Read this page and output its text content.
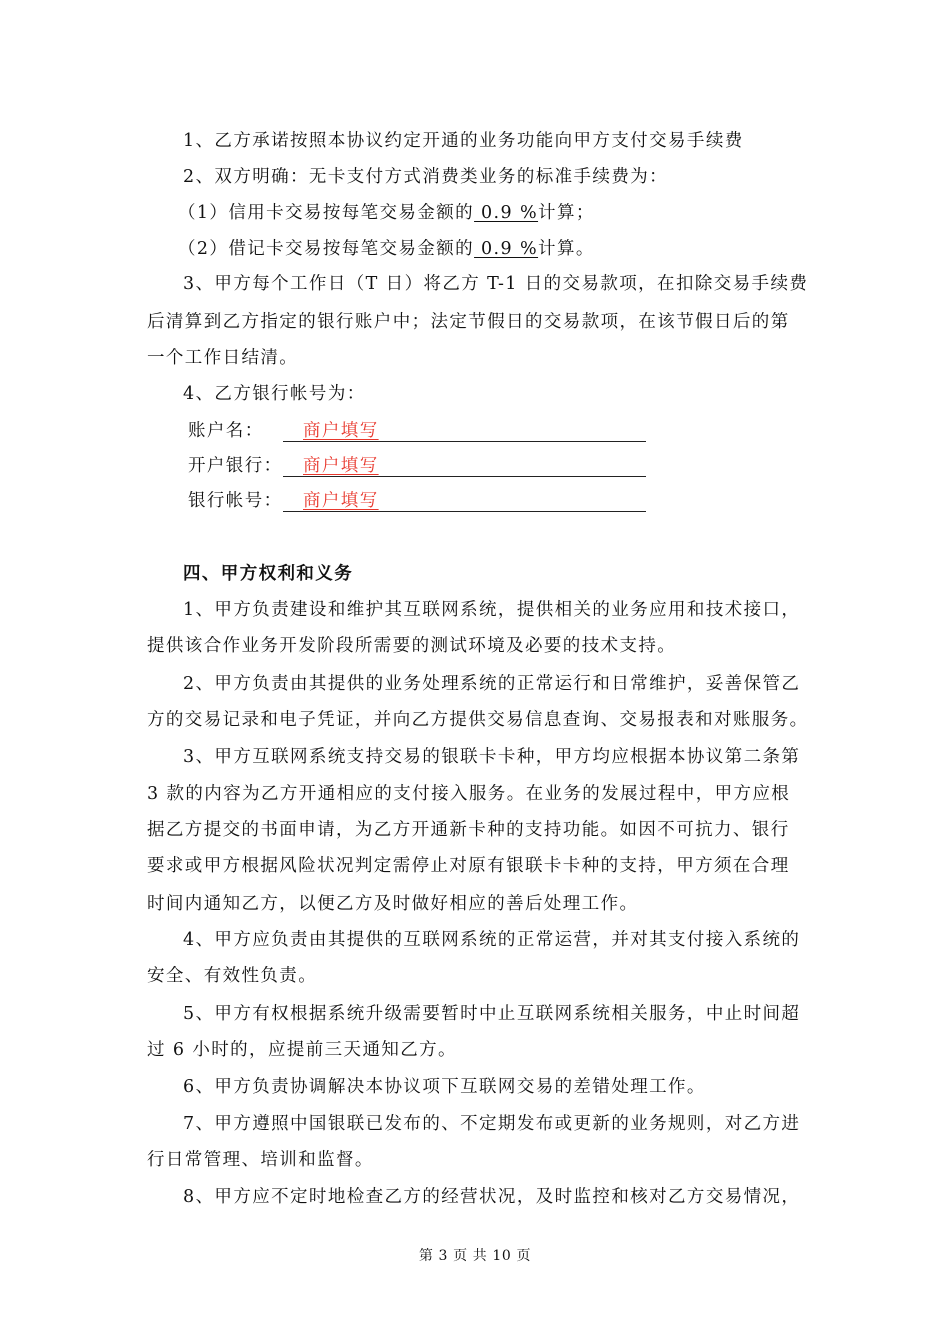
1、乙方承诺按照本协议约定开通的业务功能向甲方支付交易手续费
2、双方明确：无卡支付方式消费类业务的标准手续费为：
（1）信用卡交易按每笔交易金额的 0.9 %计算；
（2）借记卡交易按每笔交易金额的 0.9 %计算。
3、甲方每个工作日（T 日）将乙方 T-1 日的交易款项，在扣除交易手续费
后清算到乙方指定的银行账户中；法定节假日的交易款项，在该节假日后的第
一个工作日结清。
4、乙方银行帐号为：
账户名： 商户填写
开户银行： 商户填写
银行帐号： 商户填写
四、甲方权利和义务
1、甲方负责建设和维护其互联网系统，提供相关的业务应用和技术接口，
提供该合作业务开发阶段所需要的测试环境及必要的技术支持。
2、甲方负责由其提供的业务处理系统的正常运行和日常维护，妥善保管乙
方的交易记录和电子凭证，并向乙方提供交易信息查询、交易报表和对账服务。
3、甲方互联网系统支持交易的银联卡卡种，甲方均应根据本协议第二条第
3 款的内容为乙方开通相应的支付接入服务。在业务的发展过程中，甲方应根
据乙方提交的书面申请，为乙方开通新卡种的支持功能。如因不可抗力、银行
要求或甲方根据风险状况判定需停止对原有银联卡卡种的支持，甲方须在合理
时间内通知乙方，以便乙方及时做好相应的善后处理工作。
4、甲方应负责由其提供的互联网系统的正常运营，并对其支付接入系统的
安全、有效性负责。
5、甲方有权根据系统升级需要暂时中止互联网系统相关服务，中止时间超
过 6 小时的，应提前三天通知乙方。
6、甲方负责协调解决本协议项下互联网交易的差错处理工作。
7、甲方遵照中国银联已发布的、不定期发布或更新的业务规则，对乙方进
行日常管理、培训和监督。
8、甲方应不定时地检查乙方的经营状况，及时监控和核对乙方交易情况，
第 3 页 共 10 页
